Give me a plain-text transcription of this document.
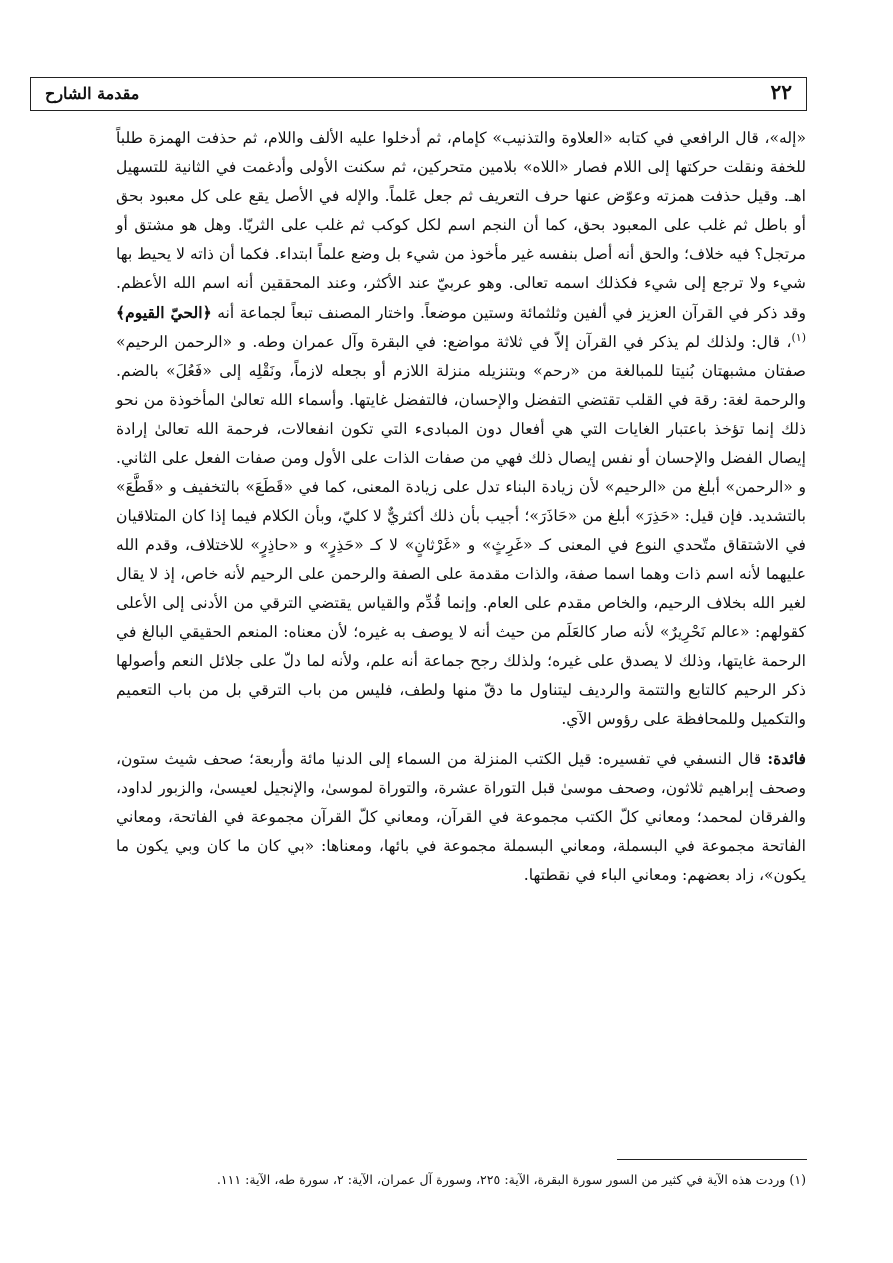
٢٢
مقدمة الشارح

«إله»، قال الرافعي في كتابه «العلاوة والتذنيب» كإمام، ثم أدخلوا عليه الألف واللام، ثم حذفت الهمزة طلباً للخفة ونقلت حركتها إلى اللام فصار «اللاه» بلامين متحركين، ثم سكنت الأولى وأدغمت في الثانية للتسهيل اهـ. وقيل حذفت همزته وعوّض عنها حرف التعريف ثم جعل عَلماً. والإله في الأصل يقع على كل معبود بحق أو باطل ثم غلب على المعبود بحق، كما أن النجم اسم لكل كوكب ثم غلب على الثريّا. وهل هو مشتق أو مرتجل؟ فيه خلاف؛ والحق أنه أصل بنفسه غير مأخوذ من شيء بل وضع علماً ابتداء. فكما أن ذاته لا يحيط بها شيء ولا ترجع إلى شيء فكذلك اسمه تعالى. وهو عربيّ عند الأكثر، وعند المحققين أنه اسم الله الأعظم. وقد ذكر في القرآن العزيز في ألفين وثلثمائة وستين موضعاً. واختار المصنف تبعاً لجماعة أنه ﴿الحيّ القيوم﴾$^{(١)}$، قال: ولذلك لم يذكر في القرآن إلاّ في ثلاثة مواضع: في البقرة وآل عمران وطه. و «الرحمن الرحيم» صفتان مشبهتان بُنيتا للمبالغة من «رحم» وبتنزيله منزلة اللازم أو بجعله لازماً، ونَقْلِه إلى «فَعُلَ» بالضم. والرحمة لغة: رقة في القلب تقتضي التفضل والإحسان، فالتفضل غايتها. وأسماء الله تعالىٰ المأخوذة من نحو ذلك إنما تؤخذ باعتبار الغايات التي هي أفعال دون المبادىء التي تكون انفعالات، فرحمة الله تعالىٰ إرادة إيصال الفضل والإحسان أو نفس إيصال ذلك فهي من صفات الذات على الأول ومن صفات الفعل على الثاني. و «الرحمن» أبلغ من «الرحيم» لأن زيادة البناء تدل على زيادة المعنى، كما في «قَطَعَ» بالتخفيف و «قَطَّعَ» بالتشديد. فإن قيل: «حَذِرَ» أبلغ من «حَاذَرَ»؛ أجيب بأن ذلك أكثريٌّ لا كليّ، وبأن الكلام فيما إذا كان المتلاقيان في الاشتقاق متّحدي النوع في المعنى كـ «غَرِثٍ» و «غَرْثانٍ» لا كـ «حَذِرٍ» و «حاذِرٍ» للاختلاف، وقدم الله عليهما لأنه اسم ذات وهما اسما صفة، والذات مقدمة على الصفة والرحمن على الرحيم لأنه خاص، إذ لا يقال لغير الله بخلاف الرحيم، والخاص مقدم على العام. وإنما قُدِّم والقياس يقتضي الترقي من الأدنى إلى الأعلى كقولهم: «عالم نَحْرِيرٌ» لأنه صار كالعَلَم من حيث أنه لا يوصف به غيره؛ لأن معناه: المنعم الحقيقي البالغ في الرحمة غايتها، وذلك لا يصدق على غيره؛ ولذلك رجح جماعة أنه علم، ولأنه لما دلّ على جلائل النعم وأصولها ذكر الرحيم كالتابع والتتمة والرديف ليتناول ما دقّ منها ولطف، فليس من باب الترقي بل من باب التعميم والتكميل وللمحافظة على رؤوس الآي.

فائدة: قال النسفي في تفسيره: قيل الكتب المنزلة من السماء إلى الدنيا مائة وأربعة؛ صحف شيث ستون، وصحف إبراهيم ثلاثون، وصحف موسىٰ قبل التوراة عشرة، والتوراة لموسىٰ، والإنجيل لعيسىٰ، والزبور لداود، والفرقان لمحمد؛ ومعاني كلّ الكتب مجموعة في القرآن، ومعاني كلّ القرآن مجموعة في الفاتحة، ومعاني الفاتحة مجموعة في البسملة، ومعاني البسملة مجموعة في بائها، ومعناها: «بي كان ما كان وبي يكون ما يكون»، زاد بعضهم: ومعاني الباء في نقطتها.

(١) وردت هذه الآية في كثير من السور سورة البقرة، الآية: ٢٢٥، وسورة آل عمران، الآية: ٢، سورة طه، الآية: ١١١.
